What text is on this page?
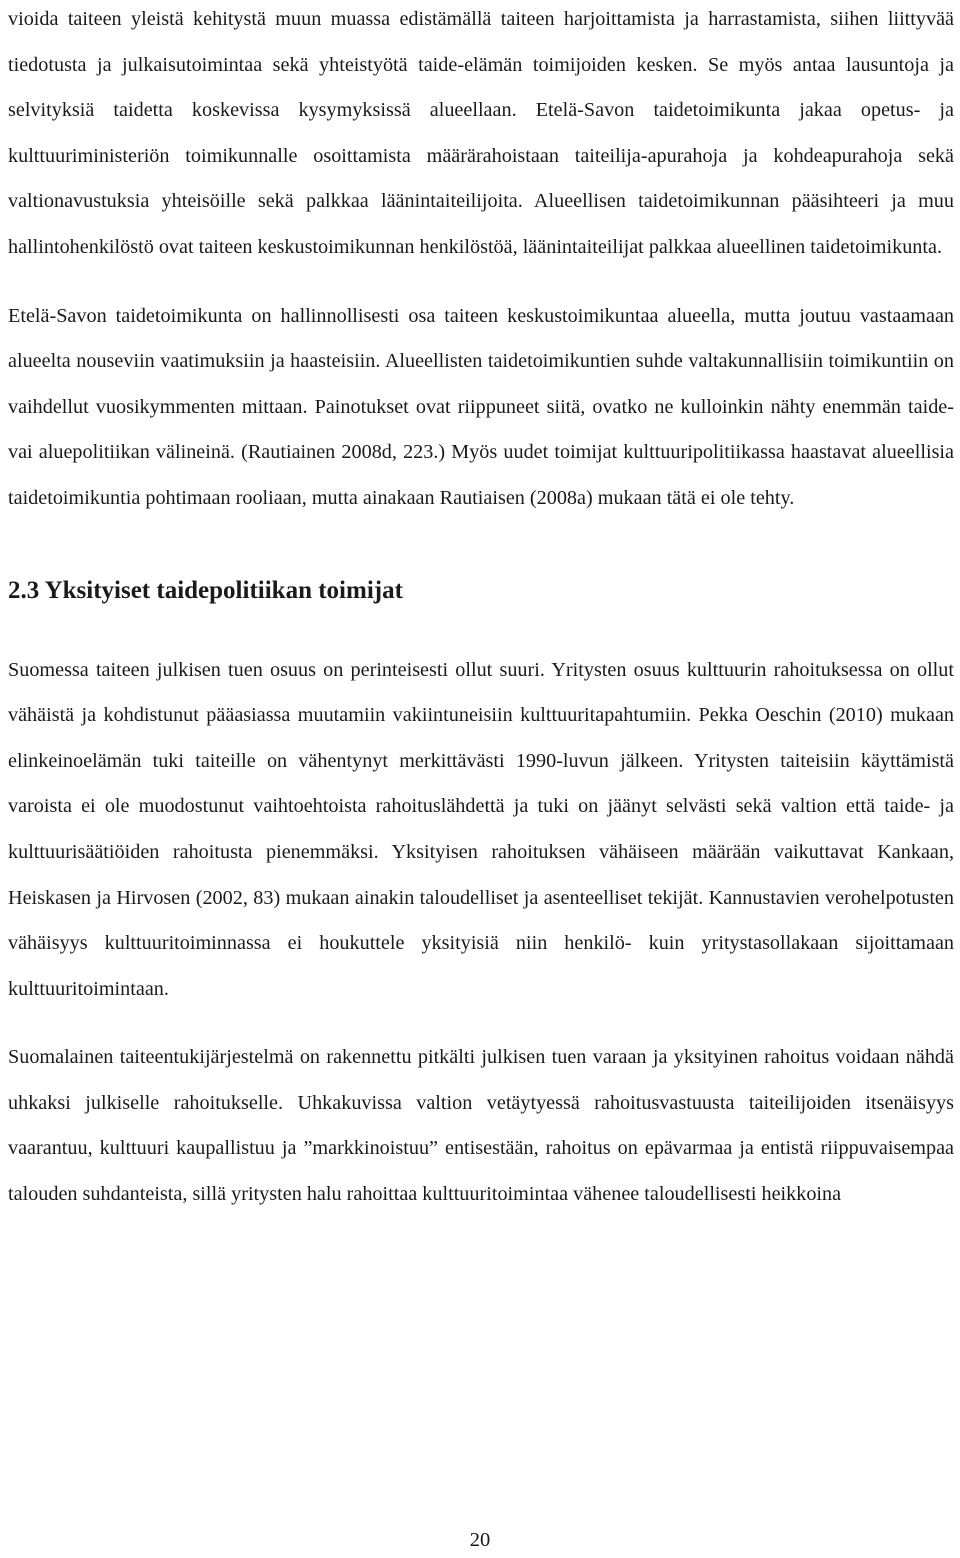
vioida taiteen yleistä kehitystä muun muassa edistämällä taiteen harjoittamista ja harrastamista, siihen liittyvää tiedotusta ja julkaisutoimintaa sekä yhteistyötä taide-elämän toimijoiden kesken. Se myös antaa lausuntoja ja selvityksiä taidetta koskevissa kysymyksissä alueellaan. Etelä-Savon taidetoimikunta jakaa opetus- ja kulttuuriministeriön toimikunnalle osoittamista määrärahoistaan taiteilija-apurahoja ja kohdeapurahoja sekä valtionavustuksia yhteisöille sekä palkkaa läänintaiteilijoita. Alueellisen taidetoimikunnan pääsihteeri ja muu hallintohenkilöstö ovat taiteen keskustoimikunnan henkilöstöä, läänintaiteilijat palkkaa alueellinen taidetoimikunta.

Etelä-Savon taidetoimikunta on hallinnollisesti osa taiteen keskustoimikuntaa alueella, mutta joutuu vastaamaan alueelta nouseviin vaatimuksiin ja haasteisiin. Alueellisten taidetoimikuntien suhde valtakunnallisiin toimikuntiin on vaihdellut vuosikymmenten mittaan. Painotukset ovat riippuneet siitä, ovatko ne kulloinkin nähty enemmän taide- vai aluepolitiikan välineinä. (Rautiainen 2008d, 223.) Myös uudet toimijat kulttuuripolitiikassa haastavat alueellisia taidetoimikuntia pohtimaan rooliaan, mutta ainakaan Rautiaisen (2008a) mukaan tätä ei ole tehty.

2.3 Yksityiset taidepolitiikan toimijat

Suomessa taiteen julkisen tuen osuus on perinteisesti ollut suuri. Yritysten osuus kulttuurin rahoituksessa on ollut vähäistä ja kohdistunut pääasiassa muutamiin vakiintuneisiin kulttuuritapahtumiin. Pekka Oeschin (2010) mukaan elinkeinoelämän tuki taiteille on vähentynyt merkittävästi 1990-luvun jälkeen. Yritysten taiteisiin käyttämistä varoista ei ole muodostunut vaihtoehtoista rahoituslähdettä ja tuki on jäänyt selvästi sekä valtion että taide- ja kulttuurisäätiöiden rahoitusta pienemmäksi. Yksityisen rahoituksen vähäiseen määrään vaikuttavat Kankaan, Heiskasen ja Hirvosen (2002, 83) mukaan ainakin taloudelliset ja asenteelliset tekijät. Kannustavien verohelpotusten vähäisyys kulttuuritoiminnassa ei houkuttele yksityisiä niin henkilö- kuin yritystasollakaan sijoittamaan kulttuuritoimintaan.

Suomalainen taiteentukijärjestelmä on rakennettu pitkälti julkisen tuen varaan ja yksityinen rahoitus voidaan nähdä uhkaksi julkiselle rahoitukselle. Uhkakuvissa valtion vetäytyessä rahoitusvastuusta taiteilijoiden itsenäisyys vaarantuu, kulttuuri kaupallistuu ja ”markkinoistuu” entisestään, rahoitus on epävarmaa ja entistä riippuvaisempaa talouden suhdanteista, sillä yritysten halu rahoittaa kulttuuritoimintaa vähenee taloudellisesti heikkoina

20
